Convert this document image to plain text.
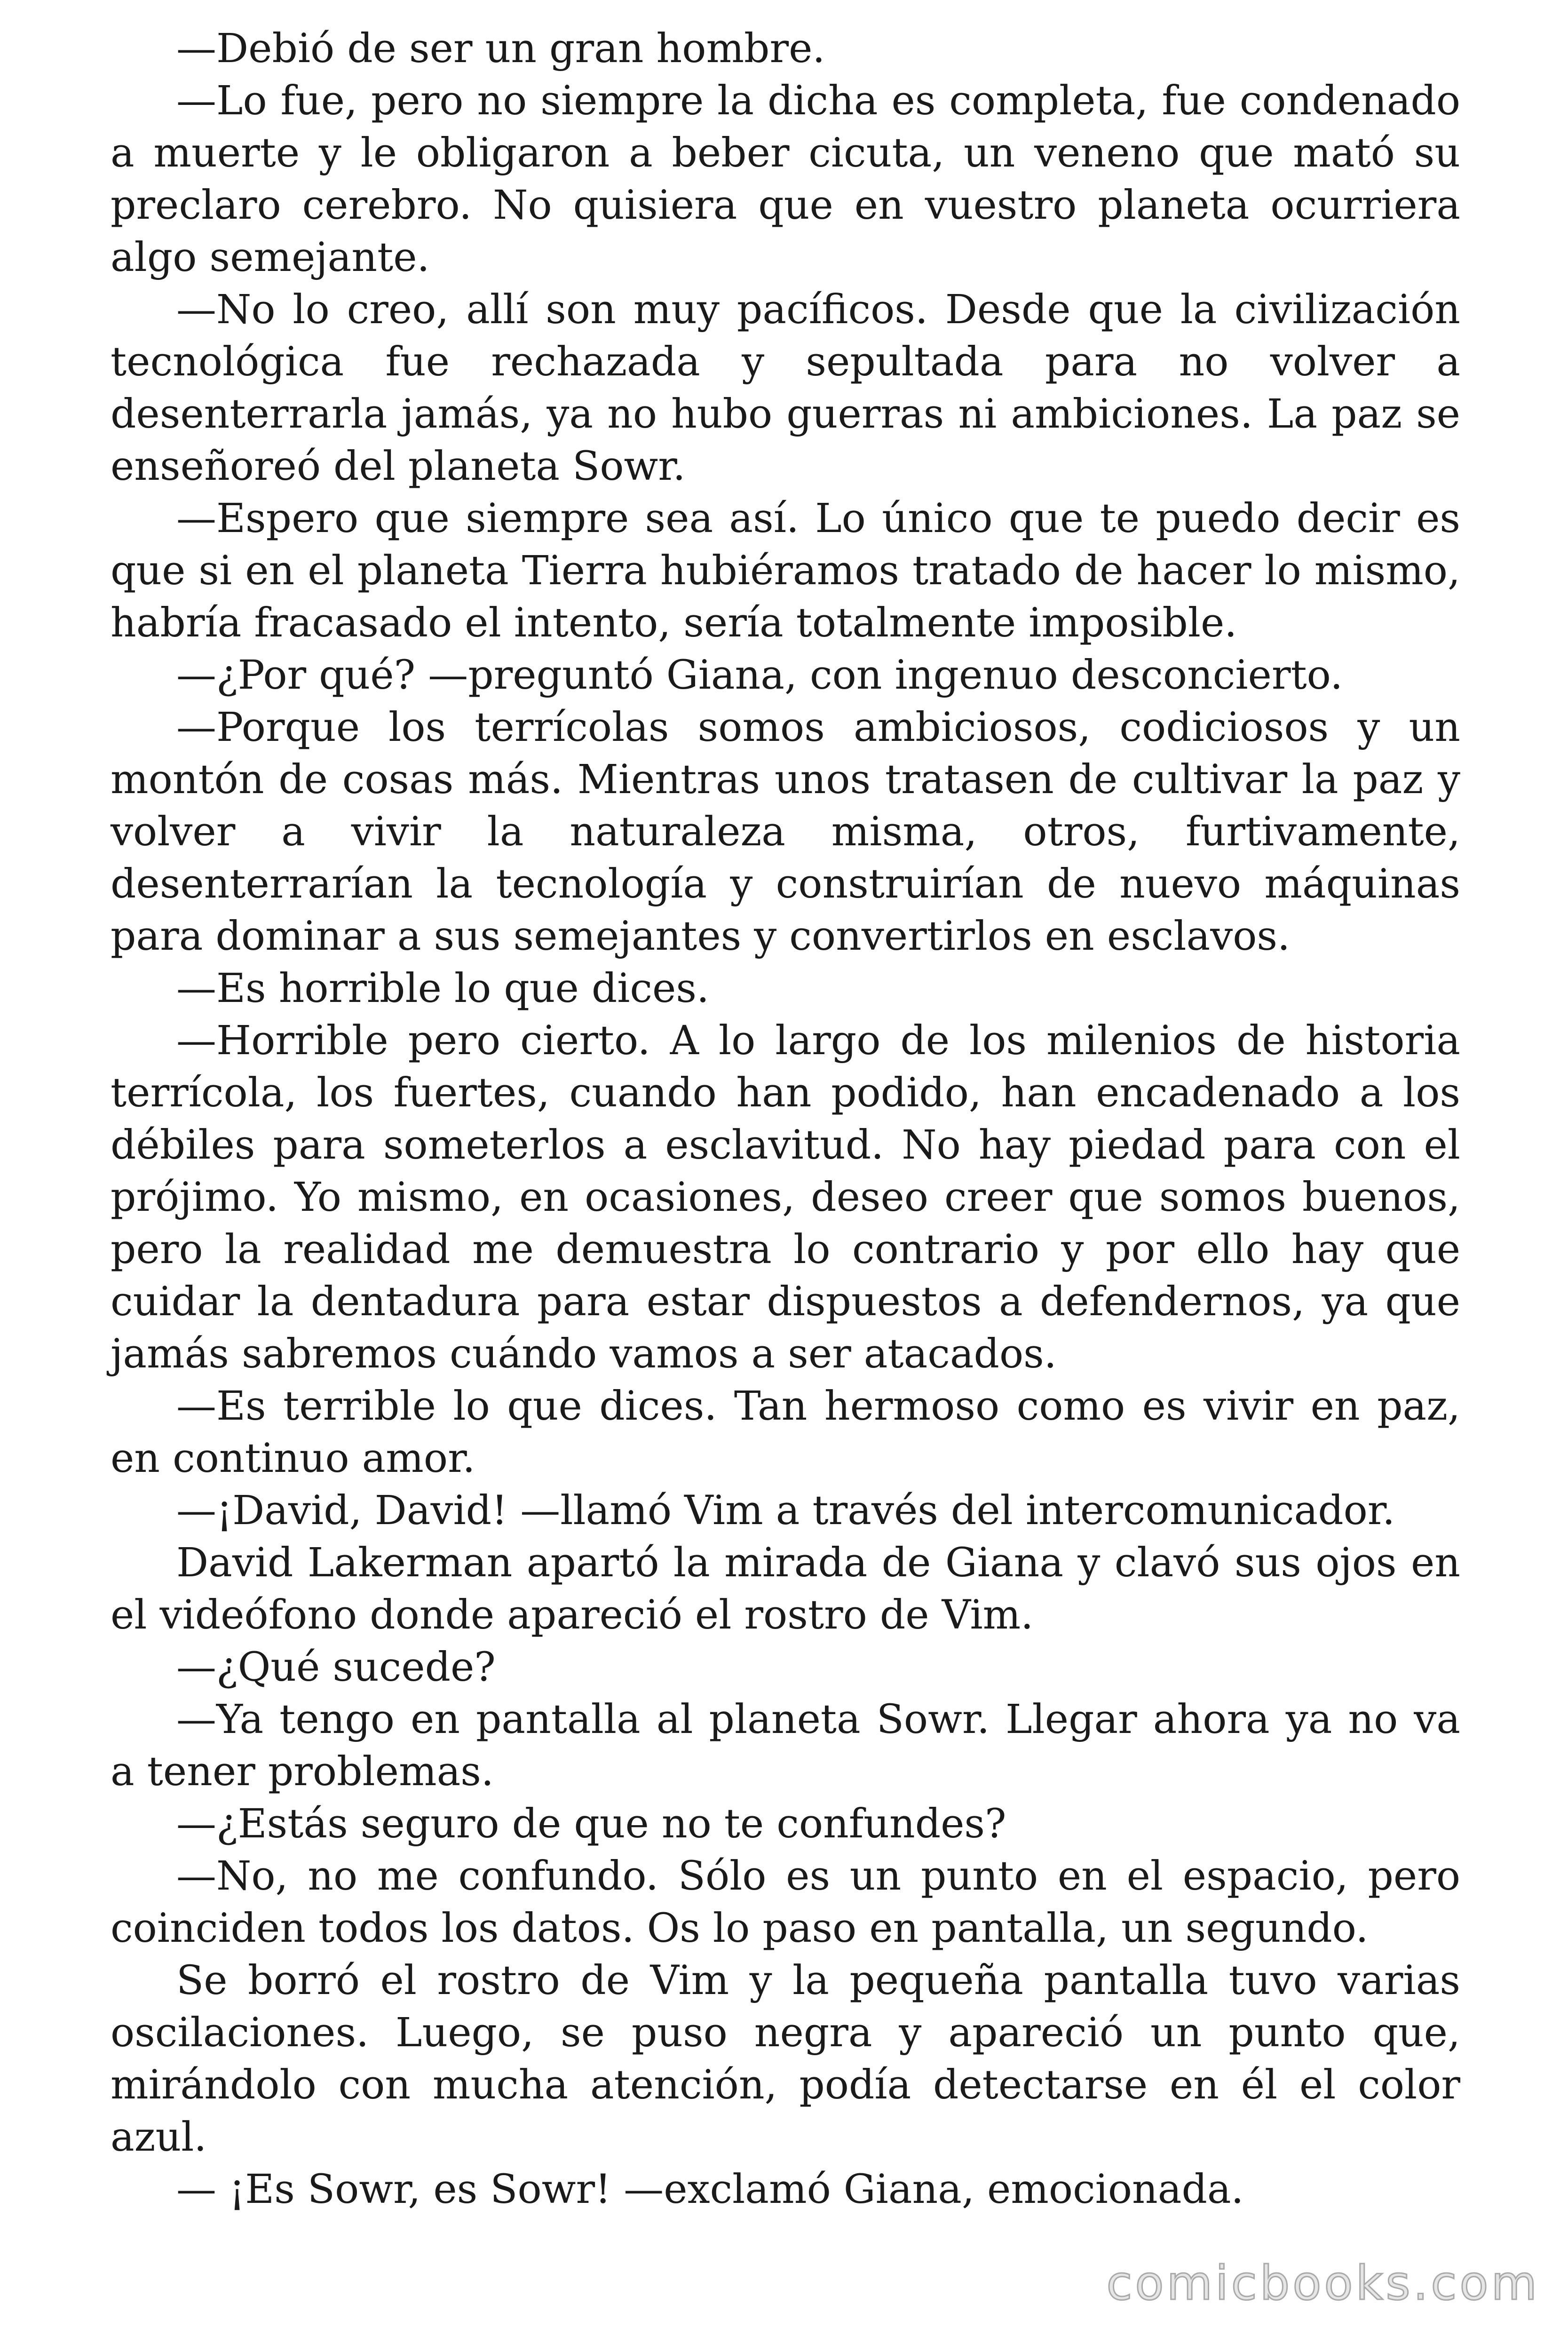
—Debió de ser un gran hombre.

—Lo fue, pero no siempre la dicha es completa, fue condenado a muerte y le obligaron a beber cicuta, un veneno que mató su preclaro cerebro. No quisiera que en vuestro planeta ocurriera algo semejante.

—No lo creo, allí son muy pacíficos. Desde que la civilización tecnológica fue rechazada y sepultada para no volver a desenterrarla jamás, ya no hubo guerras ni ambiciones. La paz se enseñoreó del planeta Sowr.

—Espero que siempre sea así. Lo único que te puedo decir es que si en el planeta Tierra hubiéramos tratado de hacer lo mismo, habría fracasado el intento, sería totalmente imposible.

—¿Por qué? —preguntó Giana, con ingenuo desconcierto.

—Porque los terrícolas somos ambiciosos, codiciosos y un montón de cosas más. Mientras unos tratasen de cultivar la paz y volver a vivir la naturaleza misma, otros, furtivamente, desenterrarían la tecnología y construirían de nuevo máquinas para dominar a sus semejantes y convertirlos en esclavos.

—Es horrible lo que dices.

—Horrible pero cierto. A lo largo de los milenios de historia terrícola, los fuertes, cuando han podido, han encadenado a los débiles para someterlos a esclavitud. No hay piedad para con el prójimo. Yo mismo, en ocasiones, deseo creer que somos buenos, pero la realidad me demuestra lo contrario y por ello hay que cuidar la dentadura para estar dispuestos a defendernos, ya que jamás sabremos cuándo vamos a ser atacados.

—Es terrible lo que dices. Tan hermoso como es vivir en paz, en continuo amor.

—¡David, David! —llamó Vim a través del intercomunicador.

David Lakerman apartó la mirada de Giana y clavó sus ojos en el videófono donde apareció el rostro de Vim.

—¿Qué sucede?

—Ya tengo en pantalla al planeta Sowr. Llegar ahora ya no va a tener problemas.

—¿Estás seguro de que no te confundes?

—No, no me confundo. Sólo es un punto en el espacio, pero coinciden todos los datos. Os lo paso en pantalla, un segundo.

Se borró el rostro de Vim y la pequeña pantalla tuvo varias oscilaciones. Luego, se puso negra y apareció un punto que, mirándolo con mucha atención, podía detectarse en él el color azul.

— ¡Es Sowr, es Sowr! —exclamó Giana, emocionada.

comicbooks.com
